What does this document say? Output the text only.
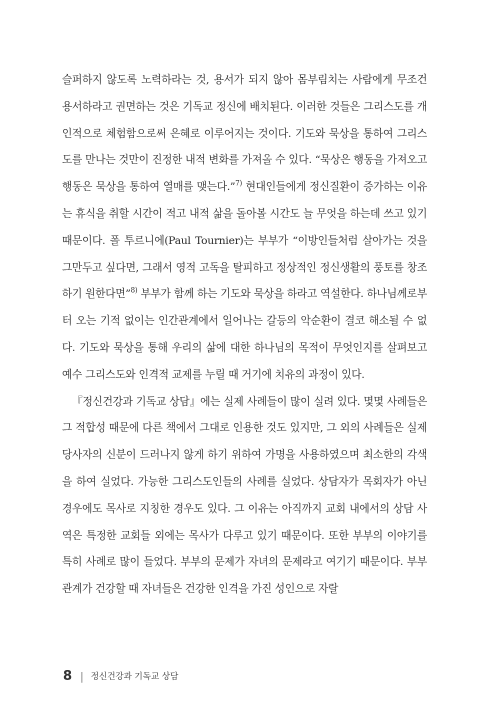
슬퍼하지 않도록 노력하라는 것, 용서가 되지 않아 몸부림치는 사람에게 무조건 용서하라고 권면하는 것은 기독교 정신에 배치된다. 이러한 것들은 그리스도를 개인적으로 체험함으로써 은혜로 이루어지는 것이다. 기도와 묵상을 통하여 그리스도를 만나는 것만이 진정한 내적 변화를 가져올 수 있다. “묵상은 행동을 가져오고 행동은 묵상을 통하여 열매를 맺는다.”$^{7)}$ 현대인들에게 정신질환이 증가하는 이유는 휴식을 취할 시간이 적고 내적 삶을 돌아볼 시간도 늘 무엇을 하는데 쓰고 있기 때문이다. 폴 투르니에(Paul Tournier)는 부부가 “이방인들처럼 살아가는 것을 그만두고 싶다면, 그래서 영적 고독을 탈피하고 정상적인 정신생활의 풍토를 창조하기 원한다면”$^{8)}$ 부부가 함께 하는 기도와 묵상을 하라고 역설한다. 하나님께로부터 오는 기적 없이는 인간관계에서 일어나는 갈등의 악순환이 결코 해소될 수 없다. 기도와 묵상을 통해 우리의 삶에 대한 하나님의 목적이 무엇인지를 살펴보고 예수 그리스도와 인격적 교제를 누릴 때 거기에 치유의 과정이 있다.

『정신건강과 기독교 상담』에는 실제 사례들이 많이 실려 있다. 몇몇 사례들은 그 적합성 때문에 다른 책에서 그대로 인용한 것도 있지만, 그 외의 사례들은 실제 당사자의 신분이 드러나지 않게 하기 위하여 가명을 사용하였으며 최소한의 각색을 하여 실었다. 가능한 그리스도인들의 사례를 실었다. 상담자가 목회자가 아닌 경우에도 목사로 지칭한 경우도 있다. 그 이유는 아직까지 교회 내에서의 상담 사역은 특정한 교회들 외에는 목사가 다루고 있기 때문이다. 또한 부부의 이야기를 특히 사례로 많이 들었다. 부부의 문제가 자녀의 문제라고 여기기 때문이다. 부부관계가 건강할 때 자녀들은 건강한 인격을 가진 성인으로 자랄

8 | 정신건강과 기독교 상담
